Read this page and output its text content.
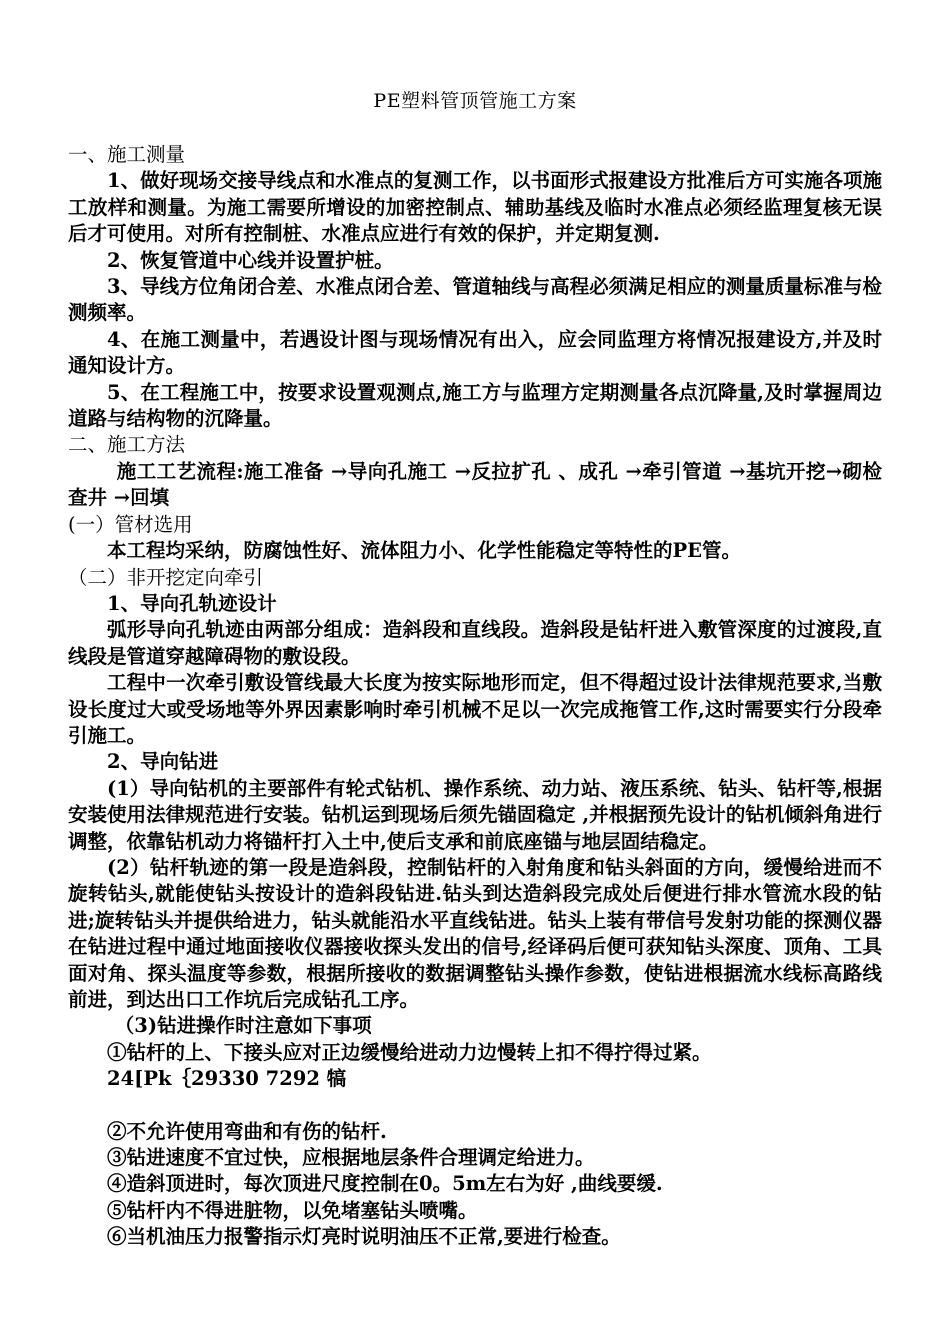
PE塑料管顶管施工方案

一、施工测量

1、做好现场交接导线点和水准点的复测工作，以书面形式报建设方批准后方可实施各项施工放样和测量。为施工需要所增设的加密控制点、辅助基线及临时水准点必须经监理复核无误后才可使用。对所有控制桩、水准点应进行有效的保护，并定期复测.

2、恢复管道中心线并设置护桩。

3、导线方位角闭合差、水准点闭合差、管道轴线与高程必须满足相应的测量质量标准与检测频率。

4、在施工测量中，若遇设计图与现场情况有出入，应会同监理方将情况报建设方,并及时通知设计方。

5、在工程施工中，按要求设置观测点,施工方与监理方定期测量各点沉降量,及时掌握周边道路与结构物的沉降量。

二、施工方法

施工工艺流程:施工准备 →导向孔施工 →反拉扩孔 、成孔 →牵引管道 →基坑开挖→砌检查井 →回填

(一）管材选用

本工程均采纳，防腐蚀性好、流体阻力小、化学性能稳定等特性的PE管。

（二）非开挖定向牵引

1、导向孔轨迹设计

弧形导向孔轨迹由两部分组成：造斜段和直线段。造斜段是钻杆进入敷管深度的过渡段,直线段是管道穿越障碍物的敷设段。

工程中一次牵引敷设管线最大长度为按实际地形而定，但不得超过设计法律规范要求,当敷设长度过大或受场地等外界因素影响时牵引机械不足以一次完成拖管工作,这时需要实行分段牵引施工。

2、导向钻进

(1）导向钻机的主要部件有轮式钻机、操作系统、动力站、液压系统、钻头、钻杆等,根据安装使用法律规范进行安装。钻机运到现场后须先锚固稳定 ,并根据预先设计的钻机倾斜角进行调整，依靠钻机动力将锚杆打入土中,使后支承和前底座锚与地层固结稳定。

(2）钻杆轨迹的第一段是造斜段，控制钻杆的入射角度和钻头斜面的方向，缓慢给进而不旋转钻头,就能使钻头按设计的造斜段钻进.钻头到达造斜段完成处后便进行排水管流水段的钻进;旋转钻头并提供给进力，钻头就能沿水平直线钻进。钻头上装有带信号发射功能的探测仪器在钻进过程中通过地面接收仪器接收探头发出的信号,经译码后便可获知钻头深度、顶角、工具面对角、探头温度等参数，根据所接收的数据调整钻头操作参数，使钻进根据流水线标高路线前进，到达出口工作坑后完成钻孔工序。

（3)钻进操作时注意如下事项

①钻杆的上、下接头应对正边缓慢给进动力边慢转上扣不得拧得过紧。

24[Pk｛29330 7292 犒

②不允许使用弯曲和有伤的钻杆.

③钻进速度不宜过快，应根据地层条件合理调定给进力。

④造斜顶进时，每次顶进尺度控制在0。5m左右为好 ,曲线要缓.

⑤钻杆内不得进脏物，以免堵塞钻头喷嘴。

⑥当机油压力报警指示灯亮时说明油压不正常,要进行检查。
